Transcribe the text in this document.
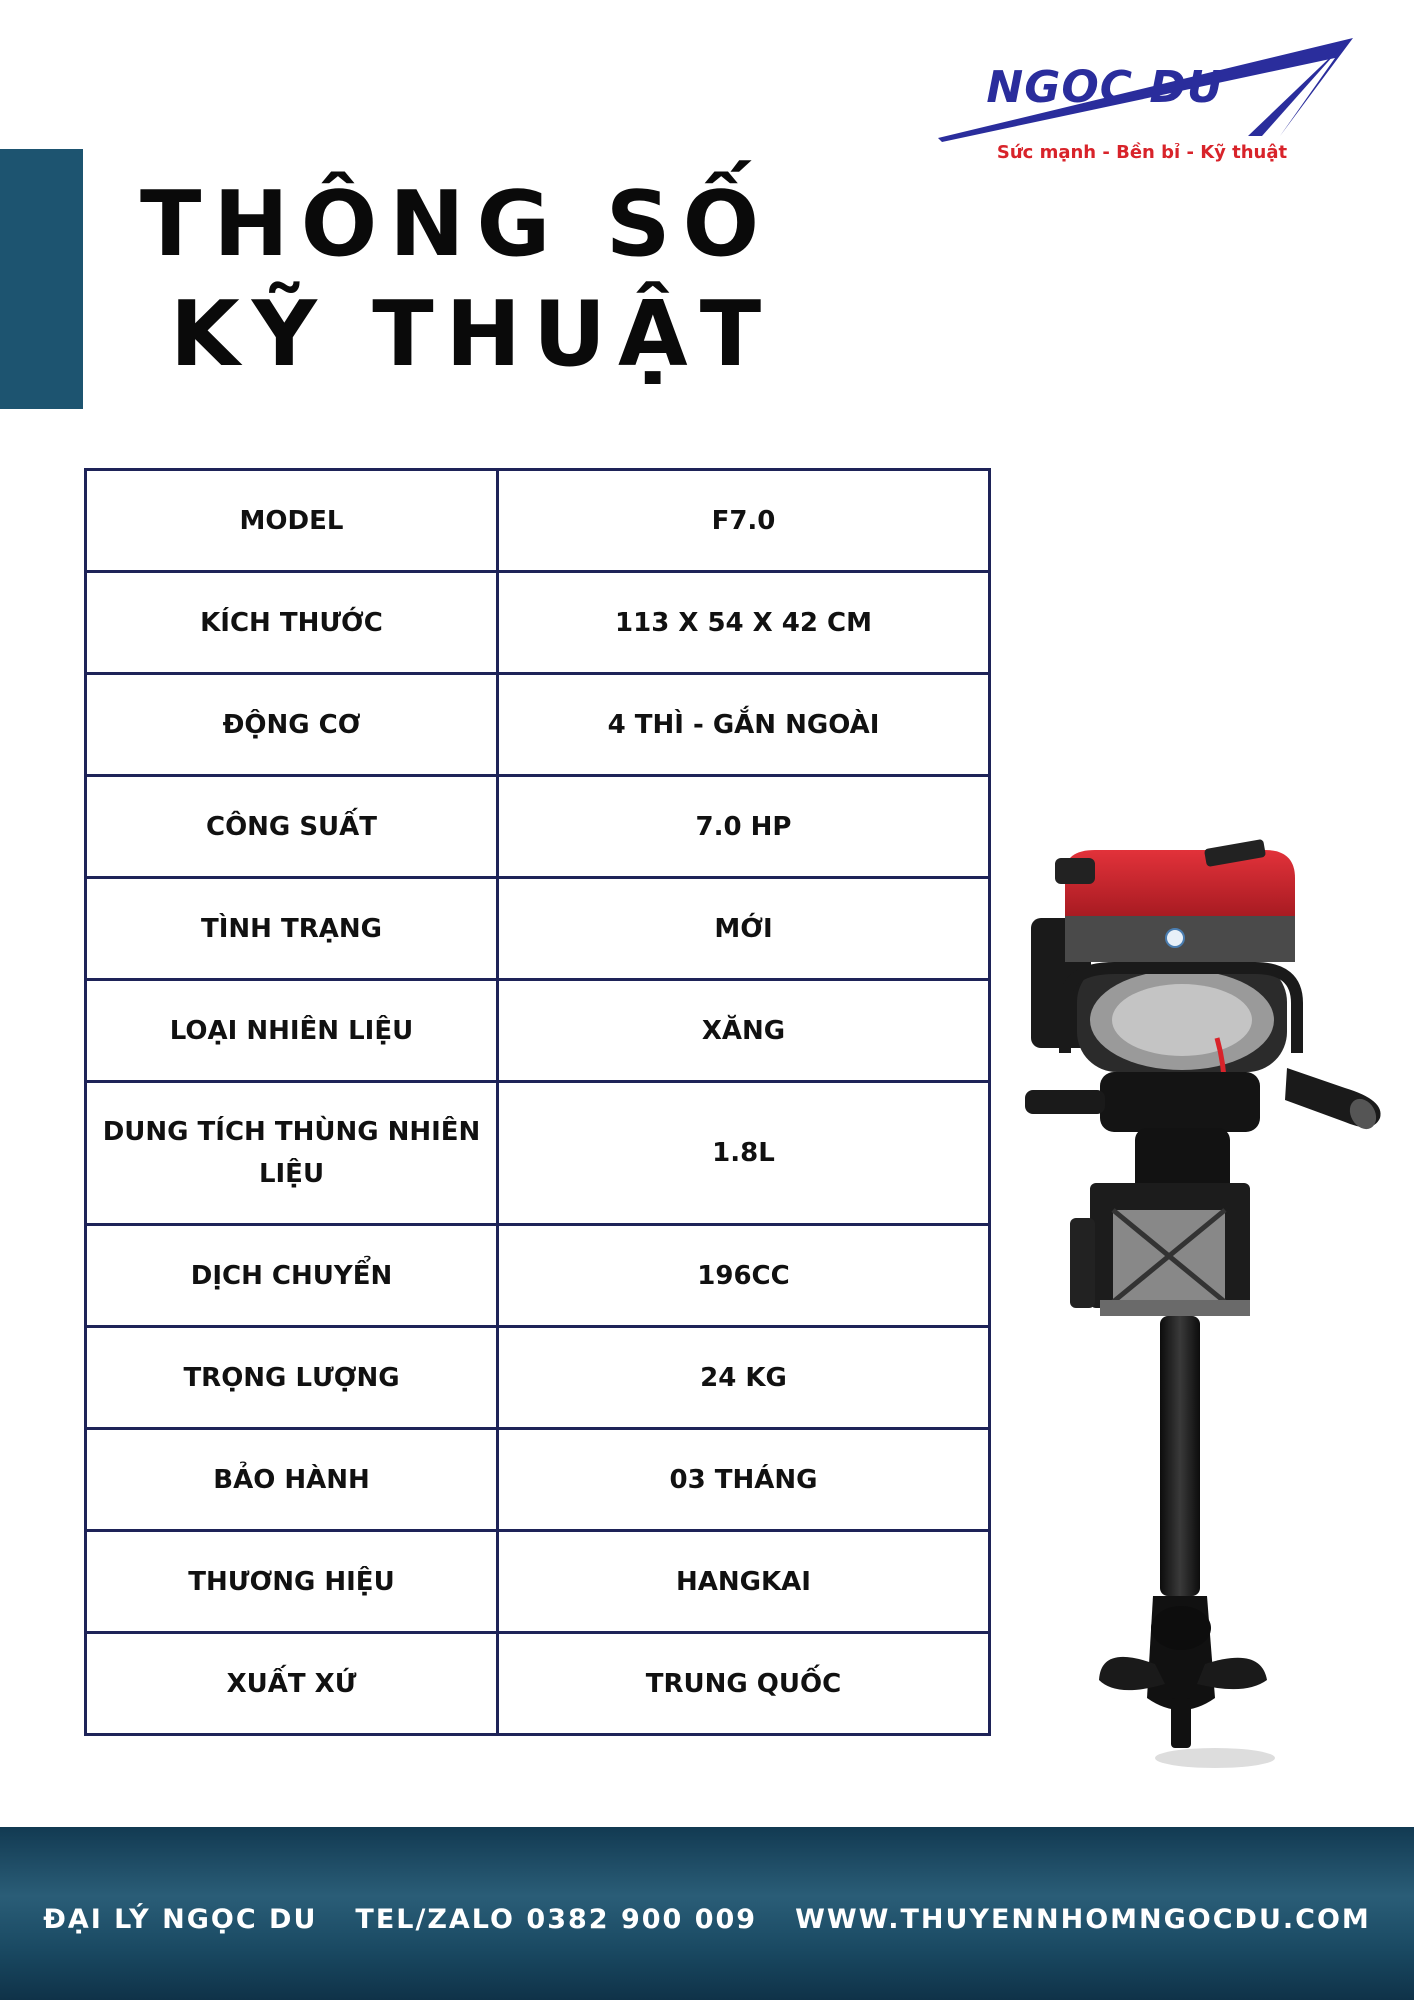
THÔNG SỐ
KỸ THUẬT
NGỌC DU
Sức mạnh - Bền bỉ - Kỹ thuật
MODEL	F7.0
KÍCH THƯỚC	113 X 54 X 42 CM
ĐỘNG CƠ	4 THÌ - GẮN NGOÀI
CÔNG SUẤT	7.0 HP
TÌNH TRẠNG	MỚI
LOẠI NHIÊN LIỆU	XĂNG
DUNG TÍCH THÙNG NHIÊN LIỆU	1.8L
DỊCH CHUYỂN	196CC
TRỌNG LƯỢNG	24 KG
BẢO HÀNH	03 THÁNG
THƯƠNG HIỆU	HANGKAI
XUẤT XỨ	TRUNG QUỐC
ĐẠI LÝ NGỌC DU TEL/ZALO 0382 900 009 WWW.THUYENNHOMNGOCDU.COM
